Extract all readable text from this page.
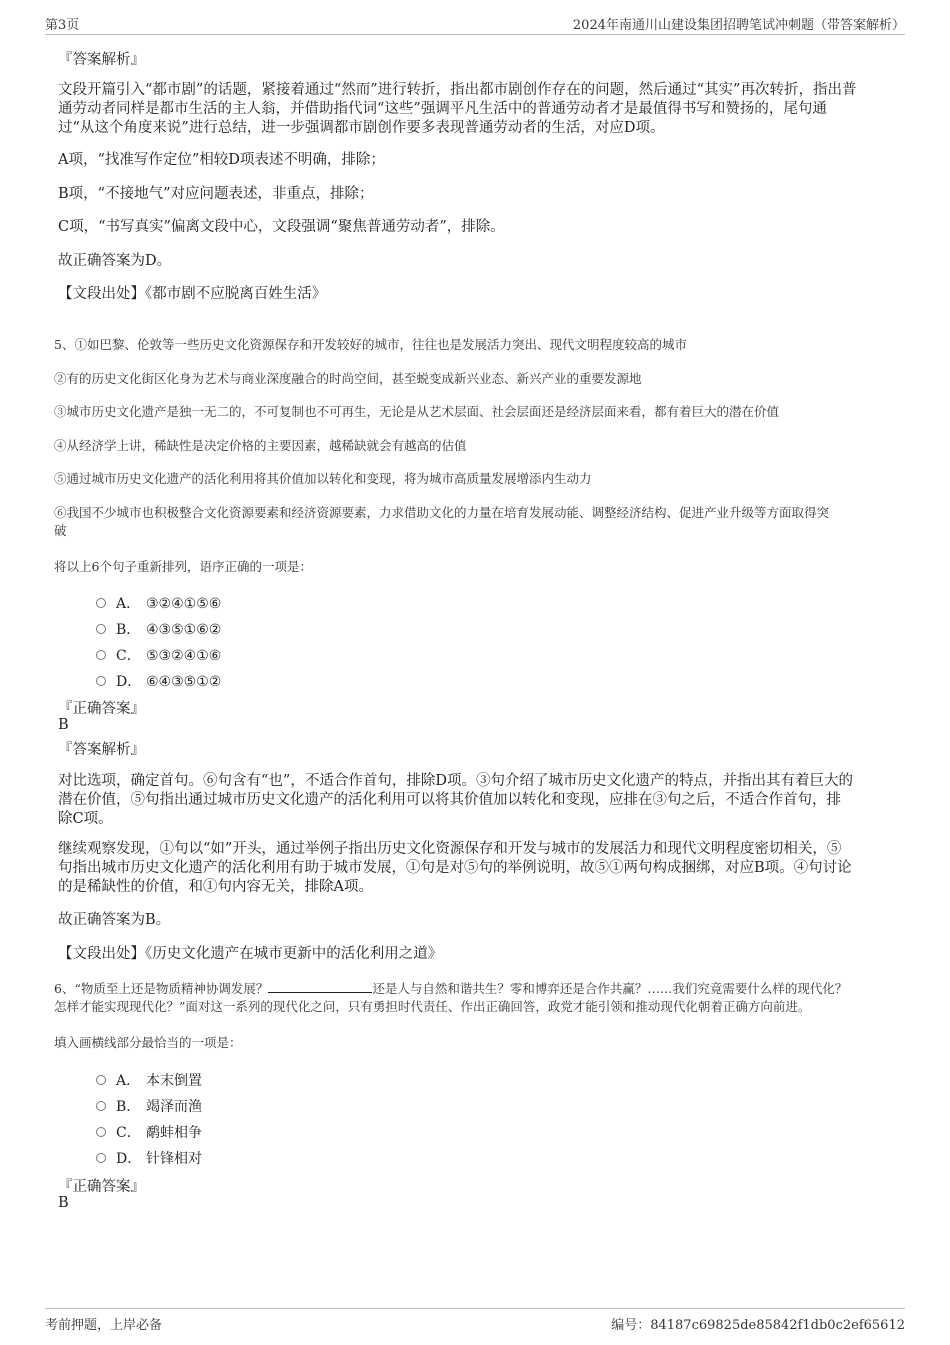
第3页	2024年南通川山建设集团招聘笔试冲刺题（带答案解析）
『答案解析』
文段开篇引入“都市剧”的话题，紧接着通过“然而”进行转折，指出都市剧创作存在的问题，然后通过“其实”再次转折，指出普
通劳动者同样是都市生活的主人翁，并借助指代词“这些”强调平凡生活中的普通劳动者才是最值得书写和赞扬的，尾句通
过“从这个角度来说”进行总结，进一步强调都市剧创作要多表现普通劳动者的生活，对应D项。
A项，“找准写作定位”相较D项表述不明确，排除；
B项，“不接地气”对应问题表述，非重点，排除；
C项，“书写真实”偏离文段中心，文段强调“聚焦普通劳动者”，排除。
故正确答案为D。
【文段出处】《都市剧不应脱离百姓生活》
5、①如巴黎、伦敦等一些历史文化资源保存和开发较好的城市，往往也是发展活力突出、现代文明程度较高的城市
②有的历史文化街区化身为艺术与商业深度融合的时尚空间，甚至蜕变成新兴业态、新兴产业的重要发源地
③城市历史文化遗产是独一无二的，不可复制也不可再生，无论是从艺术层面、社会层面还是经济层面来看，都有着巨大的潜在价值
④从经济学上讲，稀缺性是决定价格的主要因素，越稀缺就会有越高的估值
⑤通过城市历史文化遗产的活化利用将其价值加以转化和变现，将为城市高质量发展增添内生动力
⑥我国不少城市也积极整合文化资源要素和经济资源要素，力求借助文化的力量在培育发展动能、调整经济结构、促进产业升级等方面取得突
破
将以上6个句子重新排列，语序正确的一项是：
A． ③②④①⑤⑥
B． ④③⑤①⑥②
C． ⑤③②④①⑥
D． ⑥④③⑤①②
『正确答案』
B
『答案解析』
对比选项，确定首句。⑥句含有“也”，不适合作首句，排除D项。③句介绍了城市历史文化遗产的特点，并指出其有着巨大的
潜在价值，⑤句指出通过城市历史文化遗产的活化利用可以将其价值加以转化和变现，应排在③句之后，不适合作首句，排
除C项。
继续观察发现，①句以“如”开头，通过举例子指出历史文化资源保存和开发与城市的发展活力和现代文明程度密切相关，⑤
句指出城市历史文化遗产的活化利用有助于城市发展，①句是对⑤句的举例说明，故⑤①两句构成捆绑，对应B项。④句讨论
的是稀缺性的价值，和①句内容无关，排除A项。
故正确答案为B。
【文段出处】《历史文化遗产在城市更新中的活化利用之道》
6、“物质至上还是物质精神协调发展？	还是人与自然和谐共生？零和博弈还是合作共赢？……我们究竟需要什么样的现代化？
怎样才能实现现代化？”面对这一系列的现代化之问，只有勇担时代责任、作出正确回答，政党才能引领和推动现代化朝着正确方向前进。
填入画横线部分最恰当的一项是：
A． 本末倒置
B． 竭泽而渔
C． 鹬蚌相争
D． 针锋相对
『正确答案』
B
考前押题，上岸必备	编号：84187c69825de85842f1db0c2ef65612
